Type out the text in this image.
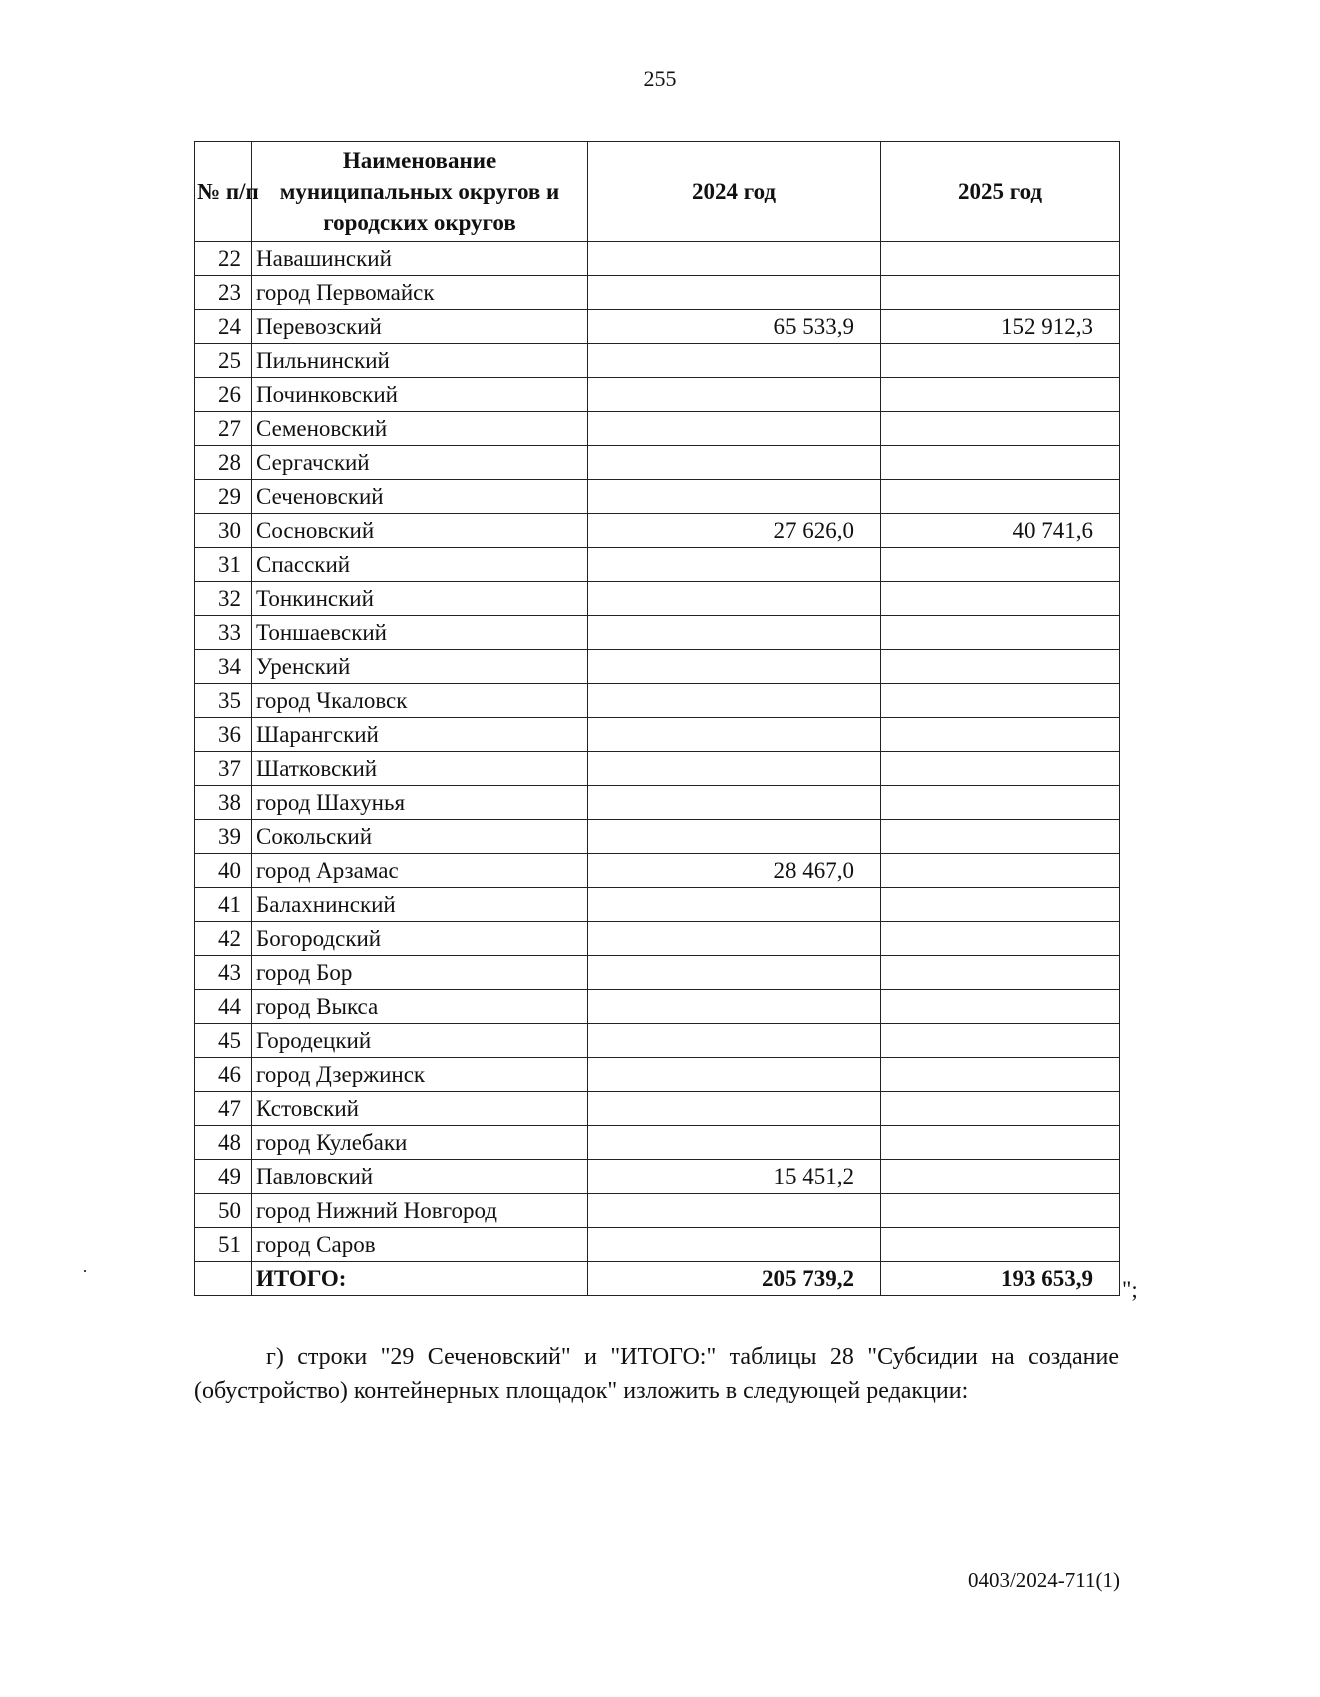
255
№ п/п	Наименование муниципальных округов и городских округов	2024 год	2025 год
22	Навашинский		
23	город Первомайск		
24	Перевозский	65 533,9	152 912,3
25	Пильнинский		
26	Починковский		
27	Семеновский		
28	Сергачский		
29	Сеченовский		
30	Сосновский	27 626,0	40 741,6
31	Спасский		
32	Тонкинский		
33	Тоншаевский		
34	Уренский		
35	город Чкаловск		
36	Шарангский		
37	Шатковский		
38	город Шахунья		
39	Сокольский		
40	город Арзамас	28 467,0	
41	Балахнинский		
42	Богородский		
43	город Бор		
44	город Выкса		
45	Городецкий		
46	город Дзержинск		
47	Кстовский		
48	город Кулебаки		
49	Павловский	15 451,2	
50	город Нижний Новгород		
51	город Саров		
	ИТОГО:	205 739,2	193 653,9 ";
г) строки "29 Сеченовский" и "ИТОГО:" таблицы 28 "Субсидии на создание (обустройство) контейнерных площадок" изложить в следующей редакции:
0403/2024-711(1)
